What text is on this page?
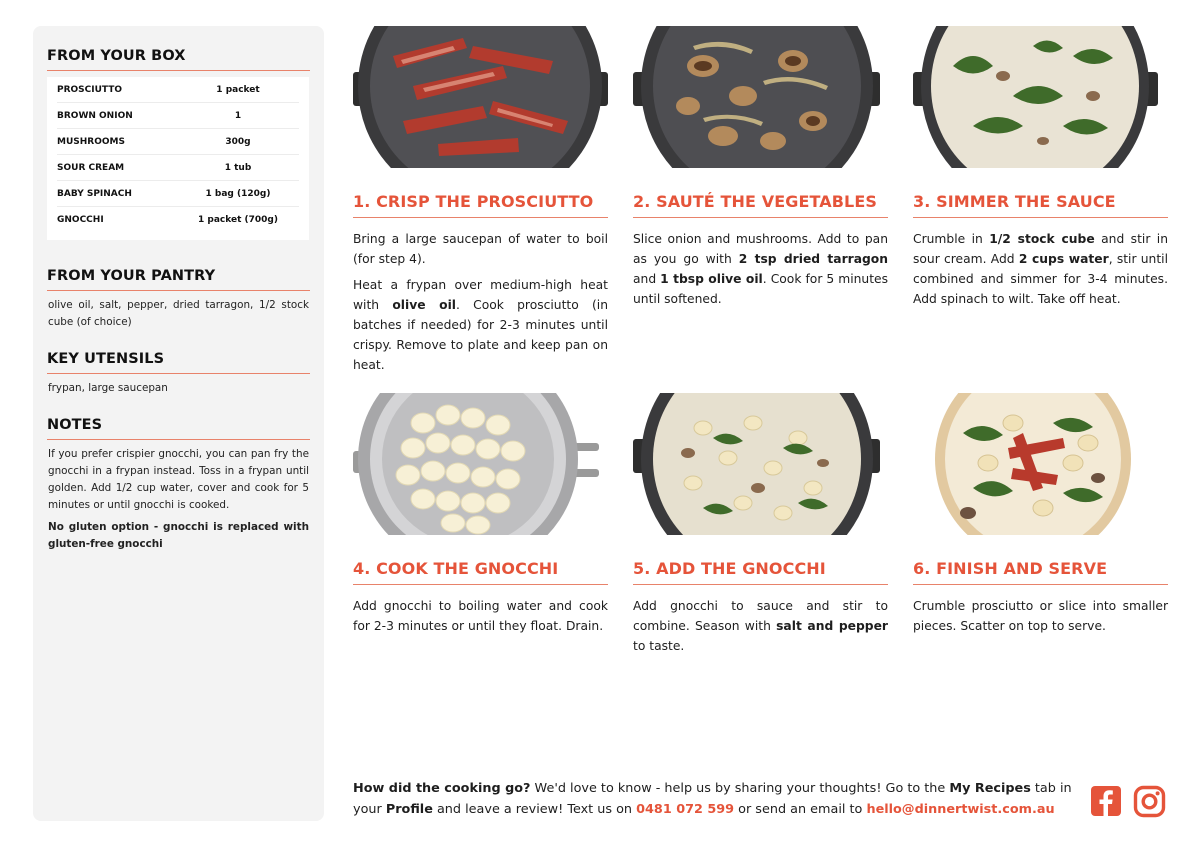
FROM YOUR BOX
PROSCIUTTO	1 packet
BROWN ONION	1
MUSHROOMS	300g
SOUR CREAM	1 tub
BABY SPINACH	1 bag (120g)
GNOCCHI	1 packet (700g)
FROM YOUR PANTRY
olive oil, salt, pepper, dried tarragon, 1/2 stock cube (of choice)
KEY UTENSILS
frypan, large saucepan
NOTES
If you prefer crispier gnocchi, you can pan fry the gnocchi in a frypan instead. Toss in a frypan until golden. Add 1/2 cup water, cover and cook for 5 minutes or until gnocchi is cooked.
No gluten option - gnocchi is replaced with gluten-free gnocchi
1. CRISP THE PROSCIUTTO

Bring a large saucepan of water to boil (for step 4).

Heat a frypan over medium-high heat with olive oil. Cook prosciutto (in batches if needed) for 2-3 minutes until crispy. Remove to plate and keep pan on heat.

2. SAUTÉ THE VEGETABLES

Slice onion and mushrooms. Add to pan as you go with 2 tsp dried tarragon and 1 tbsp olive oil. Cook for 5 minutes until softened.

3. SIMMER THE SAUCE

Crumble in 1/2 stock cube and stir in sour cream. Add 2 cups water, stir until combined and simmer for 3-4 minutes. Add spinach to wilt. Take off heat.

4. COOK THE GNOCCHI

Add gnocchi to boiling water and cook for 2-3 minutes or until they float. Drain.

5. ADD THE GNOCCHI

Add gnocchi to sauce and stir to combine. Season with salt and pepper to taste.

6. FINISH AND SERVE

Crumble prosciutto or slice into smaller pieces. Scatter on top to serve.

How did the cooking go? We'd love to know - help us by sharing your thoughts! Go to the My Recipes tab in your Profile and leave a review! Text us on 0481 072 599 or send an email to hello@dinnertwist.com.au
